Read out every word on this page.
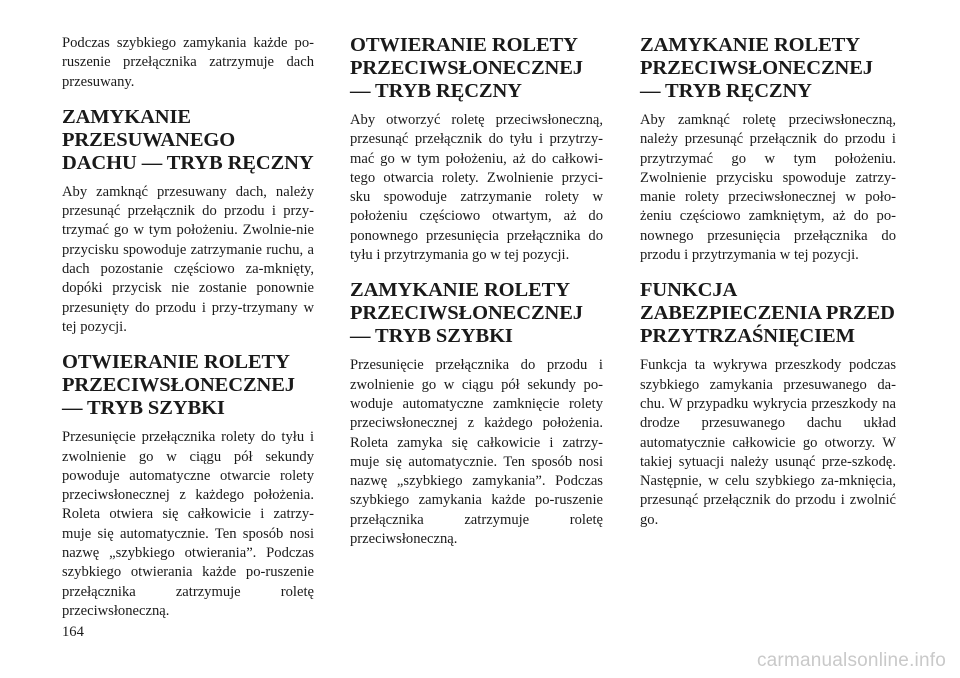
Podczas szybkiego zamykania każde po-ruszenie przełącznika zatrzymuje dach przesuwany.

ZAMYKANIE PRZESUWANEGO DACHU — TRYB RĘCZNY

Aby zamknąć przesuwany dach, należy przesunąć przełącznik do przodu i przy-trzymać go w tym położeniu. Zwolnie-nie przycisku spowoduje zatrzymanie ruchu, a dach pozostanie częściowo za-mknięty, dopóki przycisk nie zostanie ponownie przesunięty do przodu i przy-trzymany w tej pozycji.

OTWIERANIE ROLETY PRZECIWSŁONECZNEJ — TRYB SZYBKI

Przesunięcie przełącznika rolety do tyłu i zwolnienie go w ciągu pół sekundy powoduje automatyczne otwarcie rolety przeciwsłonecznej z każdego położenia. Roleta otwiera się całkowicie i zatrzy-muje się automatycznie. Ten sposób nosi nazwę „szybkiego otwierania”. Podczas szybkiego otwierania każde po-ruszenie przełącznika zatrzymuje roletę przeciwsłoneczną.

OTWIERANIE ROLETY PRZECIWSŁONECZNEJ — TRYB RĘCZNY

Aby otworzyć roletę przeciwsłoneczną, przesunąć przełącznik do tyłu i przytrzy-mać go w tym położeniu, aż do całkowi-tego otwarcia rolety. Zwolnienie przyci-sku spowoduje zatrzymanie rolety w położeniu częściowo otwartym, aż do ponownego przesunięcia przełącznika do tyłu i przytrzymania go w tej pozycji.

ZAMYKANIE ROLETY PRZECIWSŁONECZNEJ — TRYB SZYBKI

Przesunięcie przełącznika do przodu i zwolnienie go w ciągu pół sekundy po-woduje automatyczne zamknięcie rolety przeciwsłonecznej z każdego położenia. Roleta zamyka się całkowicie i zatrzy-muje się automatycznie. Ten sposób nosi nazwę „szybkiego zamykania”. Podczas szybkiego zamykania każde po-ruszenie przełącznika zatrzymuje roletę przeciwsłoneczną.

ZAMYKANIE ROLETY PRZECIWSŁONECZNEJ — TRYB RĘCZNY

Aby zamknąć roletę przeciwsłoneczną, należy przesunąć przełącznik do przodu i przytrzymać go w tym położeniu. Zwolnienie przycisku spowoduje zatrzy-manie rolety przeciwsłonecznej w poło-żeniu częściowo zamkniętym, aż do po-nownego przesunięcia przełącznika do przodu i przytrzymania w tej pozycji.

FUNKCJA ZABEZPIECZENIA PRZED PRZYTRZAŚNIĘCIEM

Funkcja ta wykrywa przeszkody podczas szybkiego zamykania przesuwanego da-chu. W przypadku wykrycia przeszkody na drodze przesuwanego dachu układ automatycznie całkowicie go otworzy. W takiej sytuacji należy usunąć prze-szkodę. Następnie, w celu szybkiego za-mknięcia, przesunąć przełącznik do przodu i zwolnić go.

164
carmanualsonline.info
